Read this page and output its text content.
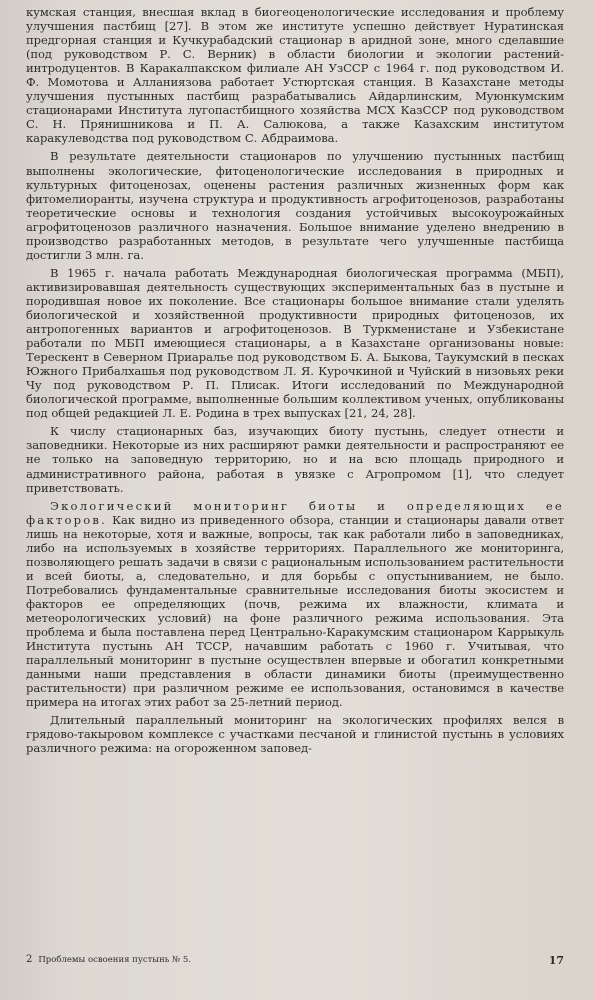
кумская станция, внесшая вклад в биогеоценологические исследования и проблему улучшения пастбищ [27]. В этом же институте успешно действует Нуратинская предгорная станция и Кучкурабадский стационар в аридной зоне, много сделавшие (под руководством Р. С. Верник) в области биологии и экологии растений-интродуцентов. В Каракалпакском филиале АН УзССР с 1964 г. под руководством И. Ф. Момотова и Алланиязова работает Устюртская станция. В Казахстане методы улучшения пустынных пастбищ разрабатывались Айдарлинским, Муюнкумским стационарами Института лугопастбищного хозяйства МСХ КазССР под руководством С. Н. Прянишникова и П. А. Салюкова, а также Казахским институтом каракулеводства под руководством С. Абдраимова.

В результате деятельности стационаров по улучшению пустынных пастбищ выполнены экологические, фитоценологические исследования в природных и культурных фитоценозах, оценены растения различных жизненных форм как фитомелиоранты, изучена структура и продуктивность агрофитоценозов, разработаны теоретические основы и технология создания устойчивых высокоурожайных агрофитоценозов различного назначения. Большое внимание уделено внедрению в производство разработанных методов, в результате чего улучшенные пастбища достигли 3 млн. га.

В 1965 г. начала работать Международная биологическая программа (МБП), активизировавшая деятельность существующих экспериментальных баз в пустыне и породившая новое их поколение. Все стационары большое внимание стали уделять биологической и хозяйственной продуктивности природных фитоценозов, их антропогенных вариантов и агрофитоценозов. В Туркменистане и Узбекистане работали по МБП имеющиеся стационары, а в Казахстане организованы новые: Терескент в Северном Приаралье под руководством Б. А. Быкова, Таукумский в песках Южного Прибалхашья под руководством Л. Я. Курочкиной и Чуйский в низовьях реки Чу под руководством Р. П. Плисак. Итоги исследований по Международной биологической программе, выполненные большим коллективом ученых, опубликованы под общей редакцией Л. Е. Родина в трех выпусках [21, 24, 28].

К числу стационарных баз, изучающих биоту пустынь, следует отнести и заповедники. Некоторые из них расширяют рамки деятельности и распространяют ее не только на заповедную территорию, но и на всю площадь природного и административного района, работая в увязке с Агропромом [1], что следует приветствовать.

Экологический мониторинг биоты и определяющих ее факторов. Как видно из приведенного обзора, станции и стационары давали ответ лишь на некоторые, хотя и важные, вопросы, так как работали либо в заповедниках, либо на используемых в хозяйстве территориях. Параллельного же мониторинга, позволяющего решать задачи в связи с рациональным использованием растительности и всей биоты, а, следовательно, и для борьбы с опустыниванием, не было. Потребовались фундаментальные сравнительные исследования биоты экосистем и факторов ее определяющих (почв, режима их влажности, климата и метеорологических условий) на фоне различного режима использования. Эта проблема и была поставлена перед Центрально-Каракумским стационаром Каррыкуль Института пустынь АН ТССР, начавшим работать с 1960 г. Учитывая, что параллельный мониторинг в пустыне осуществлен впервые и обогатил конкретными данными наши представления в области динамики биоты (преимущественно растительности) при различном режиме ее использования, остановимся в качестве примера на итогах этих работ за 25-летний период.

Длительный параллельный мониторинг на экологических профилях велся в грядово-такыровом комплексе с участками песчаной и глинистой пустынь в условиях различного режима: на огороженном заповед-

2 Проблемы освоения пустынь № 5.	17
